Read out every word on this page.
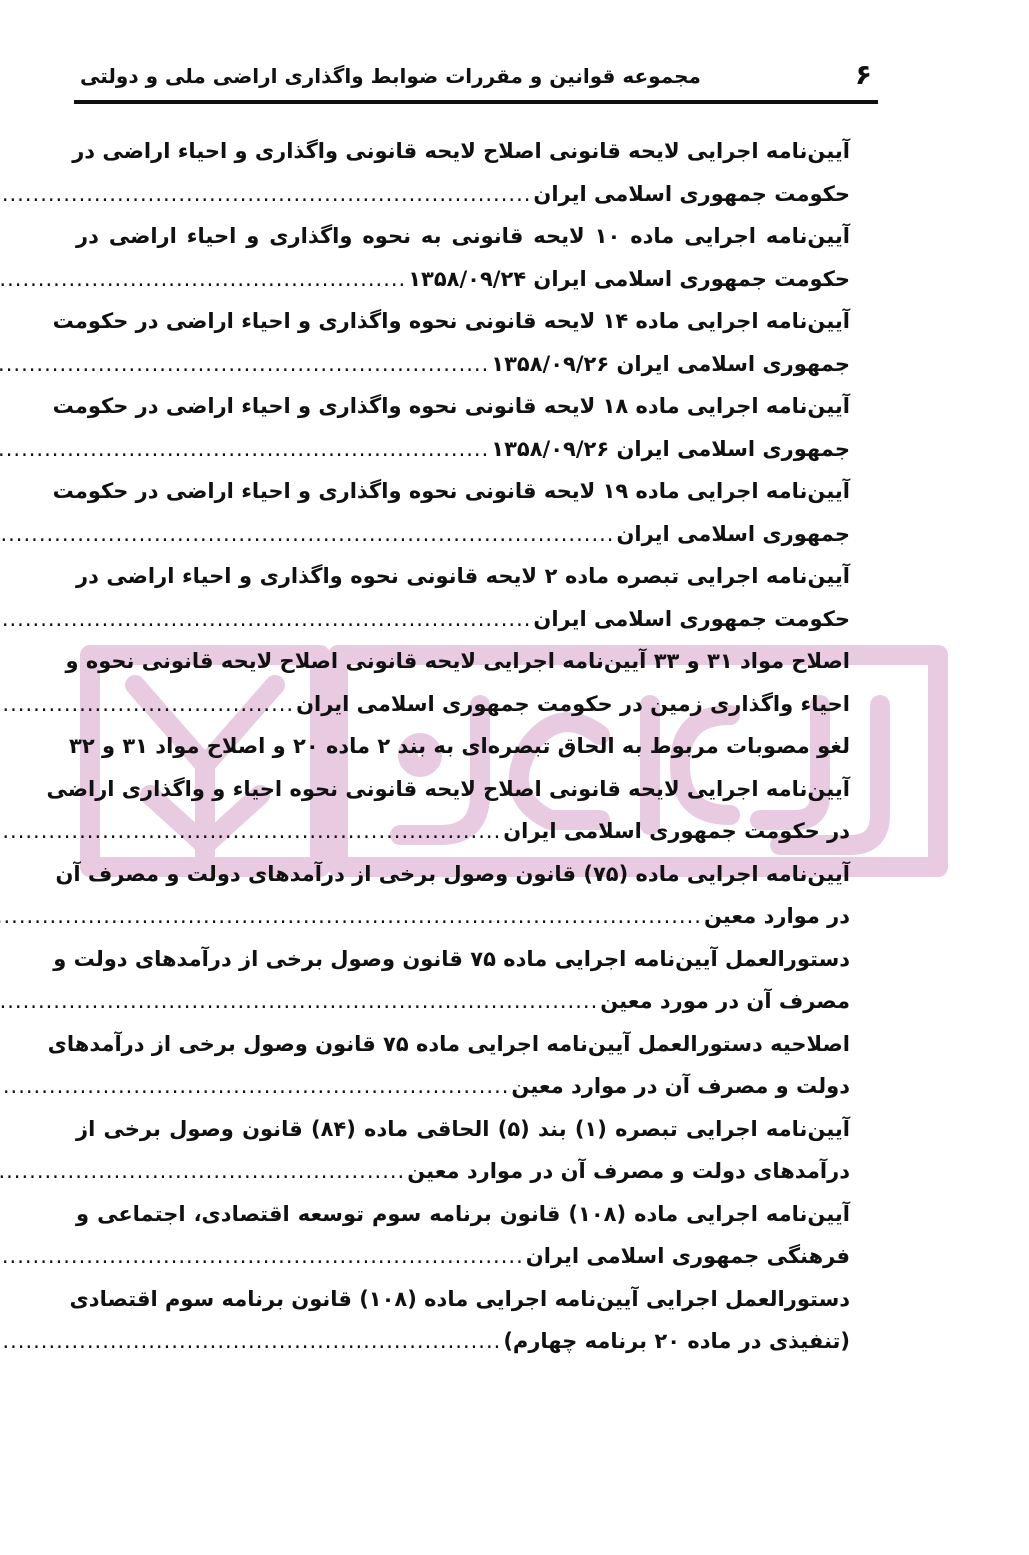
۶
مجموعه قوانین و مقررات ضوابط واگذاری اراضی ملی و دولتی
آیین‌نامه اجرایی لایحه قانونی اصلاح لایحه قانونی واگذاری و احیاء اراضی در
حکومت جمهوری اسلامی ایران
.....
آیین‌نامه اجرایی ماده ۱۰ لایحه قانونی به نحوه واگذاری و احیاء اراضی در
حکومت جمهوری اسلامی ایران ۱۳۵۸/۰۹/۲۴
.....
آیین‌نامه اجرایی ماده ۱۴ لایحه قانونی نحوه واگذاری و احیاء اراضی در حکومت
جمهوری اسلامی ایران ۱۳۵۸/۰۹/۲۶
.....
آیین‌نامه اجرایی ماده ۱۸ لایحه قانونی نحوه واگذاری و احیاء اراضی در حکومت
جمهوری اسلامی ایران ۱۳۵۸/۰۹/۲۶
.....
آیین‌نامه اجرایی ماده ۱۹ لایحه قانونی نحوه واگذاری و احیاء اراضی در حکومت
جمهوری اسلامی ایران
.....
آیین‌نامه اجرایی تبصره ماده ۲ لایحه قانونی نحوه واگذاری و احیاء اراضی در
حکومت جمهوری اسلامی ایران
.....
اصلاح مواد ۳۱ و ۳۳ آیین‌نامه اجرایی لایحه قانونی اصلاح لایحه قانونی نحوه و
احیاء واگذاری زمین در حکومت جمهوری اسلامی ایران
.....
لغو مصوبات مربوط به الحاق تبصره‌ای به بند ۲ ماده ۲۰ و اصلاح مواد ۳۱ و ۳۲
آیین‌نامه اجرایی لایحه قانونی اصلاح لایحه قانونی نحوه احیاء و واگذاری اراضی
در حکومت جمهوری اسلامی ایران
.....
آیین‌نامه اجرایی ماده (۷۵) قانون وصول برخی از درآمدهای دولت و مصرف آن
در موارد معین
.....
دستورالعمل آیین‌نامه اجرایی ماده ۷۵ قانون وصول برخی از درآمدهای دولت و
مصرف آن در مورد معین
.....
اصلاحیه دستورالعمل آیین‌نامه اجرایی ماده ۷۵ قانون وصول برخی از درآمدهای
دولت و مصرف آن در موارد معین
.....
آیین‌نامه اجرایی تبصره (۱) بند (۵) الحاقی ماده (۸۴) قانون وصول برخی از
درآمدهای دولت و مصرف آن در موارد معین
.....
آیین‌نامه اجرایی ماده (۱۰۸) قانون برنامه سوم توسعه اقتصادی، اجتماعی و
فرهنگی جمهوری اسلامی ایران
.....
دستورالعمل اجرایی آیین‌نامه اجرایی ماده (۱۰۸) قانون برنامه سوم اقتصادی
(تنفیذی در ماده ۲۰ برنامه چهارم)
.....
